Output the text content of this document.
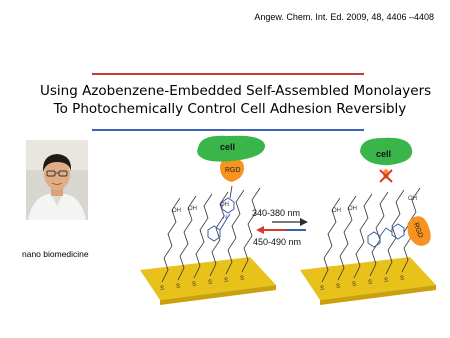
Angew. Chem. Int. Ed. 2009, 48, 4406 –4408
Using Azobenzene-Embedded Self-Assembled Monolayers
To Photochemically Control Cell Adhesion Reversibly
nano biomedicine
S S S S S S
OH OH
OH
N
RGD
cell
340-380 nm
450-490 nm
S S S S S S
OH OH
OH
RGD
cell
